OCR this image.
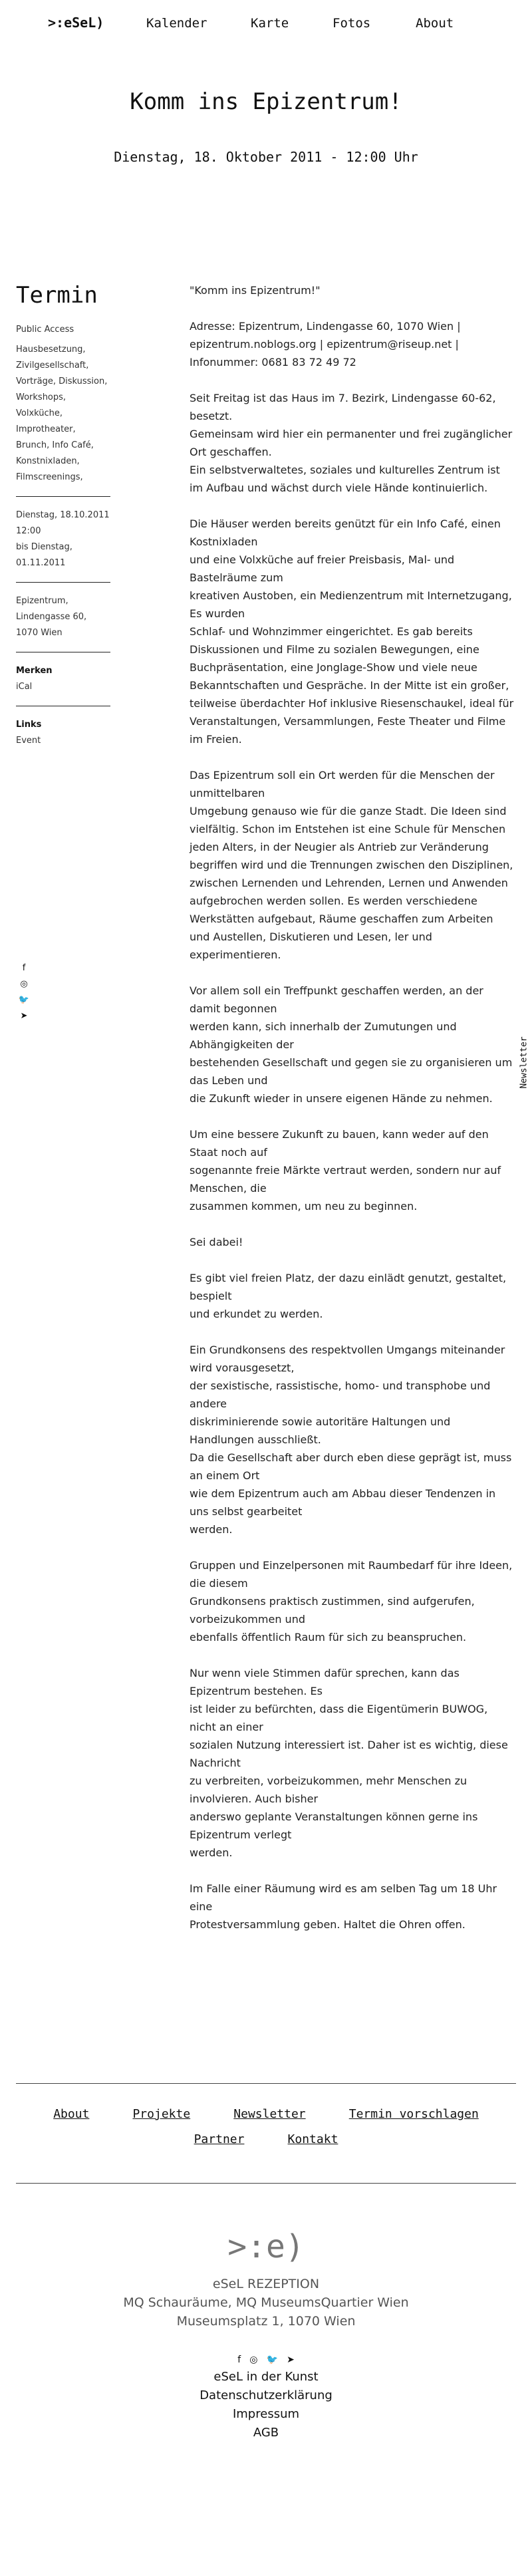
>:eSeL)	Kalender	Karte	Fotos	About
Komm ins Epizentrum!
Dienstag, 18. Oktober 2011 - 12:00 Uhr
Termin
Public Access
Hausbesetzung, Zivilgesellschaft, Vorträge, Diskussion, Workshops, Volxküche, Improtheater, Brunch, Info Café, Konstnixladen, Filmscreenings,
Dienstag, 18.10.2011 12:00
bis Dienstag, 01.11.2011
Epizentrum, Lindengasse 60, 1070 Wien
Merken
iCal
Links
Event
f
◎
🐦
➤

"Komm ins Epizentrum!"

Adresse: Epizentrum, Lindengasse 60, 1070 Wien | epizentrum.noblogs.org | epizentrum@riseup.net | Infonummer: 0681 83 72 49 72

Seit Freitag ist das Haus im 7. Bezirk, Lindengasse 60-62, besetzt.
Gemeinsam wird hier ein permanenter und frei zugänglicher Ort geschaffen.
Ein selbstverwaltetes, soziales und kulturelles Zentrum ist im Aufbau und wächst durch viele Hände kontinuierlich.

Die Häuser werden bereits genützt für ein Info Café, einen Kostnixladen
und eine Volxküche auf freier Preisbasis, Mal- und Bastelräume zum
kreativen Austoben, ein Medienzentrum mit Internetzugang, Es wurden
Schlaf- und Wohnzimmer eingerichtet. Es gab bereits Diskussionen und Filme zu sozialen Bewegungen, eine Buchpräsentation, eine Jonglage-Show und viele neue Bekanntschaften und Gespräche. In der Mitte ist ein großer, teilweise überdachter Hof inklusive Riesenschaukel, ideal für
Veranstaltungen, Versammlungen, Feste Theater und Filme im Freien.

Das Epizentrum soll ein Ort werden für die Menschen der unmittelbaren
Umgebung genauso wie für die ganze Stadt. Die Ideen sind vielfältig. Schon im Entstehen ist eine Schule für Menschen jeden Alters, in der Neugier als Antrieb zur Veränderung begriffen wird und die Trennungen zwischen den Disziplinen, zwischen Lernenden und Lehrenden, Lernen und Anwenden aufgebrochen werden sollen. Es werden verschiedene Werkstätten aufgebaut, Räume geschaffen zum Arbeiten und Austellen, Diskutieren und Lesen, ler und experimentieren.

Vor allem soll ein Treffpunkt geschaffen werden, an der damit begonnen
werden kann, sich innerhalb der Zumutungen und Abhängigkeiten der
bestehenden Gesellschaft und gegen sie zu organisieren um das Leben und
die Zukunft wieder in unsere eigenen Hände zu nehmen.

Um eine bessere Zukunft zu bauen, kann weder auf den Staat noch auf
sogenannte freie Märkte vertraut werden, sondern nur auf Menschen, die
zusammen kommen, um neu zu beginnen.

Sei dabei!

Es gibt viel freien Platz, der dazu einlädt genutzt, gestaltet, bespielt
und erkundet zu werden.

Ein Grundkonsens des respektvollen Umgangs miteinander wird vorausgesetzt,
der sexistische, rassistische, homo- und transphobe und andere
diskriminierende sowie autoritäre Haltungen und Handlungen ausschließt.
Da die Gesellschaft aber durch eben diese geprägt ist, muss an einem Ort
wie dem Epizentrum auch am Abbau dieser Tendenzen in uns selbst gearbeitet
werden.

Gruppen und Einzelpersonen mit Raumbedarf für ihre Ideen, die diesem
Grundkonsens praktisch zustimmen, sind aufgerufen, vorbeizukommen und
ebenfalls öffentlich Raum für sich zu beanspruchen.

Nur wenn viele Stimmen dafür sprechen, kann das Epizentrum bestehen. Es
ist leider zu befürchten, dass die Eigentümerin BUWOG, nicht an einer
sozialen Nutzung interessiert ist. Daher ist es wichtig, diese Nachricht
zu verbreiten, vorbeizukommen, mehr Menschen zu involvieren. Auch bisher
anderswo geplante Veranstaltungen können gerne ins Epizentrum verlegt
werden.

Im Falle einer Räumung wird es am selben Tag um 18 Uhr eine
Protestversammlung geben. Haltet die Ohren offen.

Newsletter
About	Projekte	Newsletter	Termin vorschlagen
Partner	Kontakt
>:e)
eSeL REZEPTION
MQ Schauräume, MQ MuseumsQuartier Wien
Museumsplatz 1, 1070 Wien
f ◎ 🐦 ➤
eSeL in der Kunst
Datenschutzerklärung
Impressum
AGB
